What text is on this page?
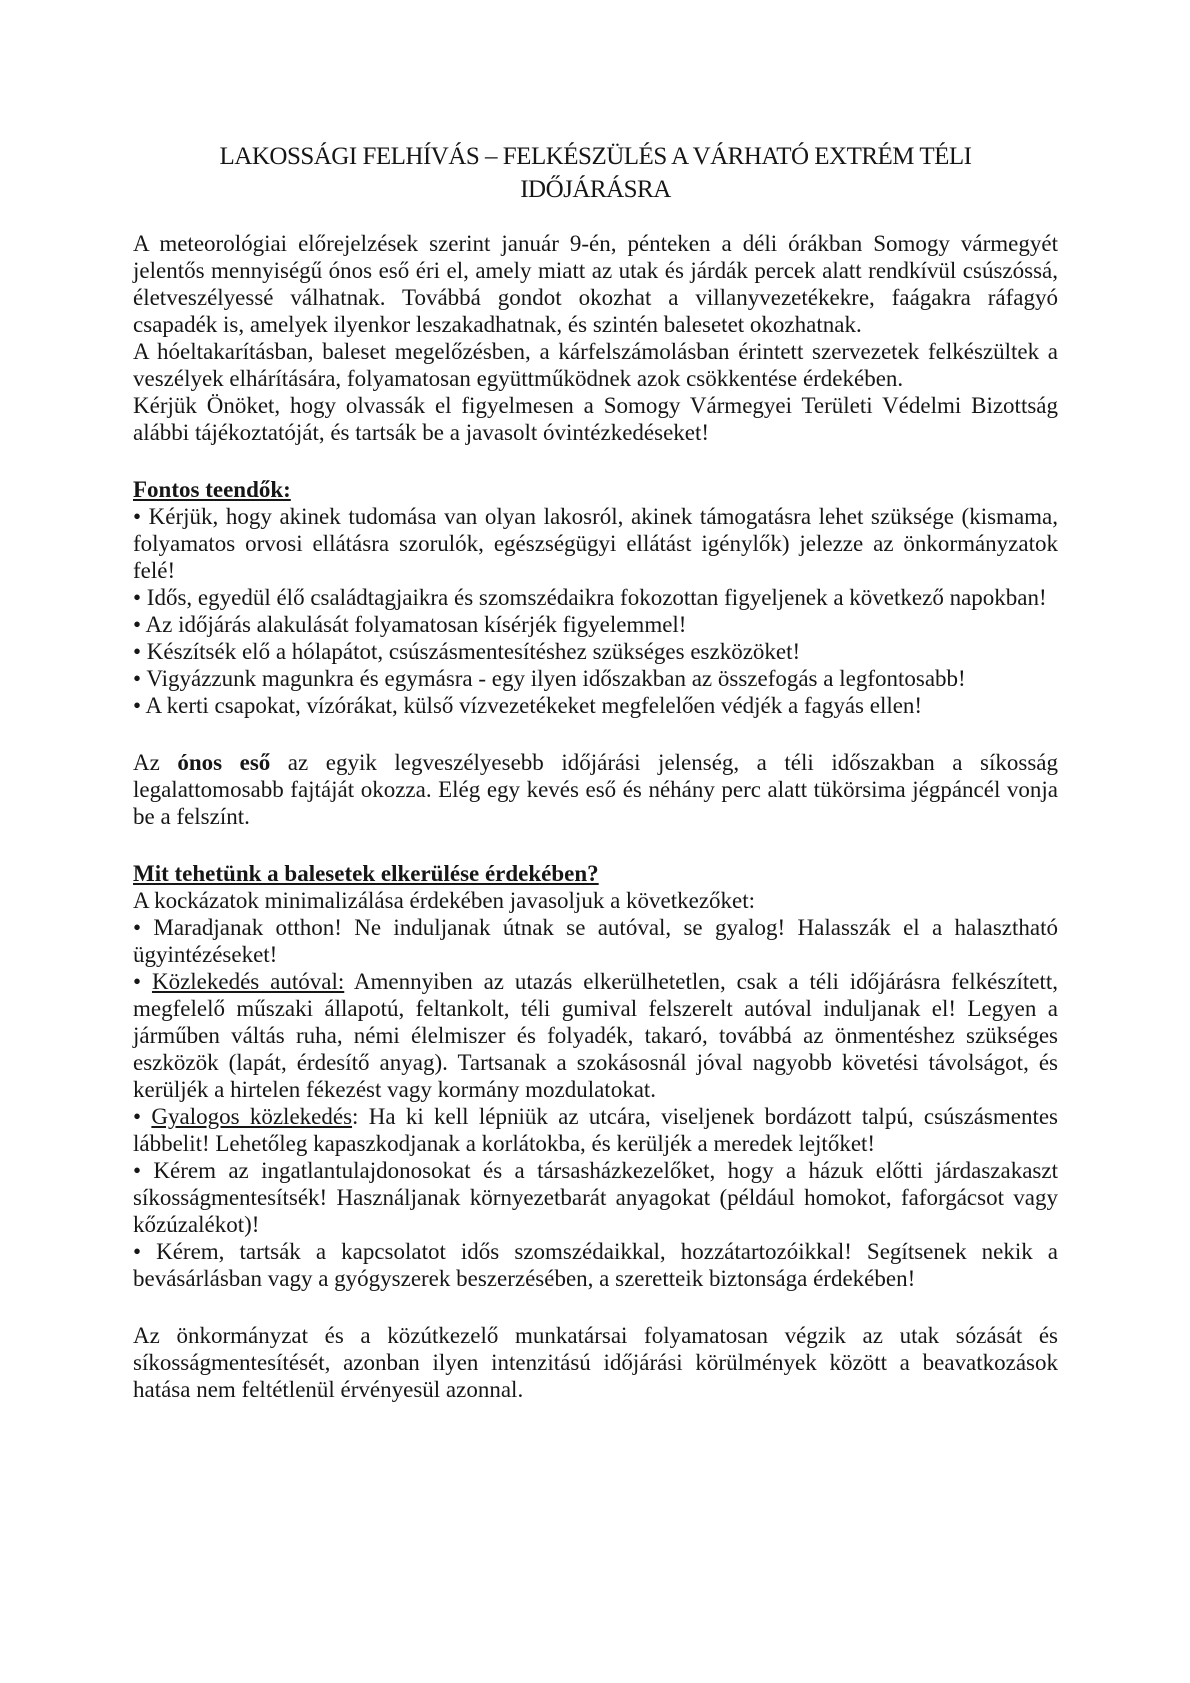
LAKOSSÁGI FELHÍVÁS – FELKÉSZÜLÉS A VÁRHATÓ EXTRÉM TÉLI
IDŐJÁRÁSRA

A meteorológiai előrejelzések szerint január 9-én, pénteken a déli órákban Somogy vármegyét jelentős mennyiségű ónos eső éri el, amely miatt az utak és járdák percek alatt rendkívül csúszóssá, életveszélyessé válhatnak. Továbbá gondot okozhat a villanyvezetékekre, faágakra ráfagyó csapadék is, amelyek ilyenkor leszakadhatnak, és szintén balesetet okozhatnak.

A hóeltakarításban, baleset megelőzésben, a kárfelszámolásban érintett szervezetek felkészültek a veszélyek elhárítására, folyamatosan együttműködnek azok csökkentése érdekében.

Kérjük Önöket, hogy olvassák el figyelmesen a Somogy Vármegyei Területi Védelmi Bizottság alábbi tájékoztatóját, és tartsák be a javasolt óvintézkedéseket!

Fontos teendők:

• Kérjük, hogy akinek tudomása van olyan lakosról, akinek támogatásra lehet szüksége (kismama, folyamatos orvosi ellátásra szorulók, egészségügyi ellátást igénylők) jelezze az önkormányzatok felé!

• Idős, egyedül élő családtagjaikra és szomszédaikra fokozottan figyeljenek a következő napokban!

• Az időjárás alakulását folyamatosan kísérjék figyelemmel!

• Készítsék elő a hólapátot, csúszásmentesítéshez szükséges eszközöket!

• Vigyázzunk magunkra és egymásra - egy ilyen időszakban az összefogás a legfontosabb!

• A kerti csapokat, vízórákat, külső vízvezetékeket megfelelően védjék a fagyás ellen!

Az ónos eső az egyik legveszélyesebb időjárási jelenség, a téli időszakban a síkosság legalattomosabb fajtáját okozza. Elég egy kevés eső és néhány perc alatt tükörsima jégpáncél vonja be a felszínt.

Mit tehetünk a balesetek elkerülése érdekében?

A kockázatok minimalizálása érdekében javasoljuk a következőket:

• Maradjanak otthon! Ne induljanak útnak se autóval, se gyalog! Halasszák el a halasztható ügyintézéseket!

• Közlekedés autóval: Amennyiben az utazás elkerülhetetlen, csak a téli időjárásra felkészített, megfelelő műszaki állapotú, feltankolt, téli gumival felszerelt autóval induljanak el! Legyen a járműben váltás ruha, némi élelmiszer és folyadék, takaró, továbbá az önmentéshez szükséges eszközök (lapát, érdesítő anyag). Tartsanak a szokásosnál jóval nagyobb követési távolságot, és kerüljék a hirtelen fékezést vagy kormány mozdulatokat.

• Gyalogos közlekedés: Ha ki kell lépniük az utcára, viseljenek bordázott talpú, csúszásmentes lábbelit! Lehetőleg kapaszkodjanak a korlátokba, és kerüljék a meredek lejtőket!

• Kérem az ingatlantulajdonosokat és a társasházkezelőket, hogy a házuk előtti járdaszakaszt síkosságmentesítsék! Használjanak környezetbarát anyagokat (például homokot, faforgácsot vagy kőzúzalékot)!

• Kérem, tartsák a kapcsolatot idős szomszédaikkal, hozzátartozóikkal! Segítsenek nekik a bevásárlásban vagy a gyógyszerek beszerzésében, a szeretteik biztonsága érdekében!

Az önkormányzat és a közútkezelő munkatársai folyamatosan végzik az utak sózását és síkosságmentesítését, azonban ilyen intenzitású időjárási körülmények között a beavatkozások hatása nem feltétlenül érvényesül azonnal.
